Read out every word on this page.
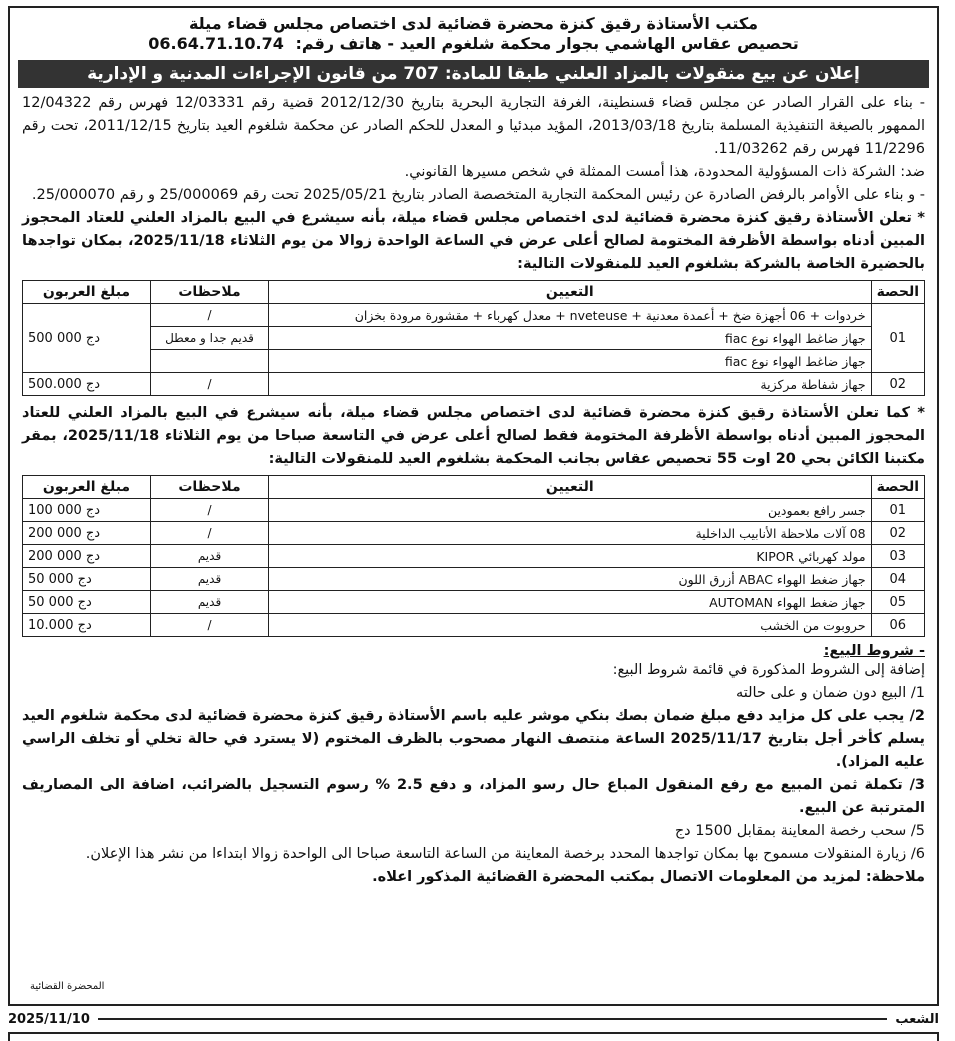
مكتب الأستاذة رقيق كنزة محضرة قضائية لدى اختصاص مجلس قضاء ميلة
تحصيص عقاس الهاشمي بجوار محكمة شلغوم العيد - هاتف رقم: 06.64.71.10.74
إعلان عن بيع منقولات بالمزاد العلني طبقا للمادة: 707 من قانون الإجراءات المدنية و الإدارية

- بناء على القرار الصادر عن مجلس قضاء قسنطينة، الغرفة التجارية البحرية بتاريخ 2012/12/30 قضية رقم 12/03331 فهرس رقم 12/04322 الممهور بالصيغة التنفيذية المسلمة بتاريخ 2013/03/18، المؤيد مبدئيا و المعدل للحكم الصادر عن محكمة شلغوم العيد بتاريخ 2011/12/15، تحت رقم 11/2296 فهرس رقم 11/03262.

ضد: الشركة ذات المسؤولية المحدودة، هذا أمست الممثلة في شخص مسيرها القانوني.

- و بناء على الأوامر بالرفض الصادرة عن رئيس المحكمة التجارية المتخصصة الصادر بتاريخ 2025/05/21 تحت رقم 25/000069 و رقم 25/000070.

* تعلن الأستاذة رقيق كنزة محضرة قضائية لدى اختصاص مجلس قضاء ميلة، بأنه سيشرع في البيع بالمزاد العلني للعتاد المحجوز المبين أدناه بواسطة الأظرفة المختومة لصالح أعلى عرض في الساعة الواحدة زوالا من يوم الثلاثاء 2025/11/18، بمكان تواجدها بالحضيرة الخاصة بالشركة بشلغوم العيد للمنقولات التالية:

الحصة	التعيين	ملاحظات	مبلغ العربون
01	خردوات + 06 أجهزة ضخ + أعمدة معدنية + nveteuse + معدل كهرباء + مقشورة مرودة بخزان	/	500 000 دج
	جهاز ضاغط الهواء نوع fiac	قديم جدا و معطل	
	جهاز ضاغط الهواء نوع fiac		
02	جهاز شفاطة مركزية	/	500.000 دج

* كما تعلن الأستاذة رقيق كنزة محضرة قضائية لدى اختصاص مجلس قضاء ميلة، بأنه سيشرع في البيع بالمزاد العلني للعتاد المحجوز المبين أدناه بواسطة الأظرفة المختومة فقط لصالح أعلى عرض في التاسعة صباحا من يوم الثلاثاء 2025/11/18، بمقر مكتبنا الكائن بحي 20 اوت 55 تحصيص عقاس بجانب المحكمة بشلغوم العيد للمنقولات التالية:

الحصة	التعيين	ملاحظات	مبلغ العربون
01	جسر رافع بعمودين	/	100 000 دج
02	08 آلات ملاحظة الأنابيب الداخلية	/	200 000 دج
03	مولد كهربائي KIPOR	قديم	200 000 دج
04	جهاز ضغط الهواء ABAC أزرق اللون	قديم	50 000 دج
05	جهاز ضغط الهواء AUTOMAN	قديم	50 000 دج
06	حروبوت من الخشب	/	10.000 دج
- شروط البيع:

إضافة إلى الشروط المذكورة في قائمة شروط البيع:

1/ البيع دون ضمان و على حالته

2/ يجب على كل مزايد دفع مبلغ ضمان بصك بنكي موشر عليه باسم الأستاذة رقيق كنزة محضرة قضائية لدى محكمة شلغوم العيد يسلم كأخر أجل بتاريخ 2025/11/17 الساعة منتصف النهار مصحوب بالظرف المختوم (لا يسترد في حالة تخلي أو تخلف الراسي عليه المزاد).

3/ تكملة ثمن المبيع مع رفع المنقول المباع حال رسو المزاد، و دفع 2.5 % رسوم التسجيل بالضرائب، اضافة الى المصاريف المترتبة عن البيع.

5/ سحب رخصة المعاينة بمقابل 1500 دج

6/ زيارة المنقولات مسموح بها بمكان تواجدها المحدد برخصة المعاينة من الساعة التاسعة صباحا الى الواحدة زوالا ابتداءا من نشر هذا الإعلان.

ملاحظة: لمزيد من المعلومات الاتصال بمكتب المحضرة القضائية المذكور اعلاه.

المحضرة القضائية
2025/11/10	الشعب
